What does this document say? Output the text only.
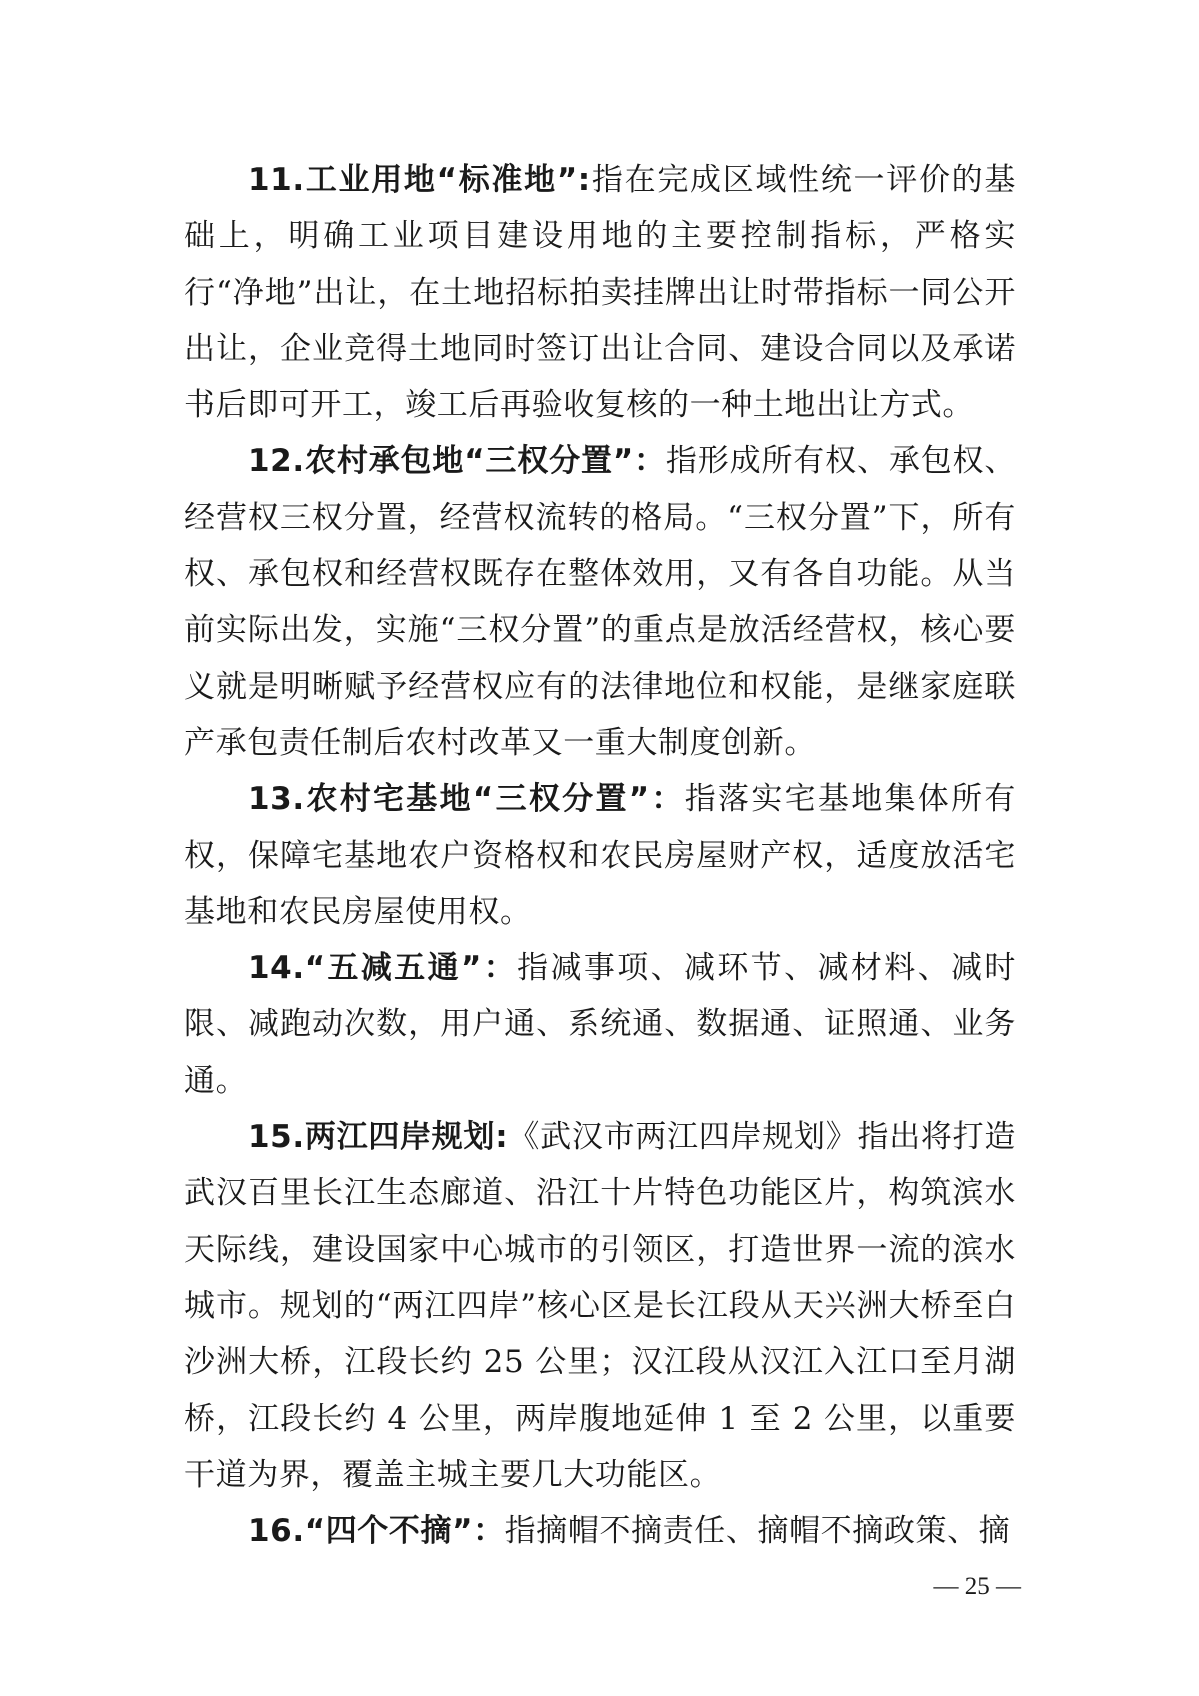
11.工业用地“标准地”:指在完成区域性统一评价的基础上，明确工业项目建设用地的主要控制指标，严格实行“净地”出让，在土地招标拍卖挂牌出让时带指标一同公开出让，企业竞得土地同时签订出让合同、建设合同以及承诺书后即可开工，竣工后再验收复核的一种土地出让方式。

12.农村承包地“三权分置”：指形成所有权、承包权、经营权三权分置，经营权流转的格局。“三权分置”下，所有权、承包权和经营权既存在整体效用，又有各自功能。从当前实际出发，实施“三权分置”的重点是放活经营权，核心要义就是明晰赋予经营权应有的法律地位和权能，是继家庭联产承包责任制后农村改革又一重大制度创新。

13.农村宅基地“三权分置”：指落实宅基地集体所有权，保障宅基地农户资格权和农民房屋财产权，适度放活宅基地和农民房屋使用权。

14.“五减五通”：指减事项、减环节、减材料、减时限、减跑动次数，用户通、系统通、数据通、证照通、业务通。

15.两江四岸规划:《武汉市两江四岸规划》指出将打造武汉百里长江生态廊道、沿江十片特色功能区片，构筑滨水天际线，建设国家中心城市的引领区，打造世界一流的滨水城市。规划的“两江四岸”核心区是长江段从天兴洲大桥至白沙洲大桥，江段长约 25 公里；汉江段从汉江入江口至月湖桥，江段长约 4 公里，两岸腹地延伸 1 至 2 公里，以重要干道为界，覆盖主城主要几大功能区。

16.“四个不摘”：指摘帽不摘责任、摘帽不摘政策、摘

— 25 —
